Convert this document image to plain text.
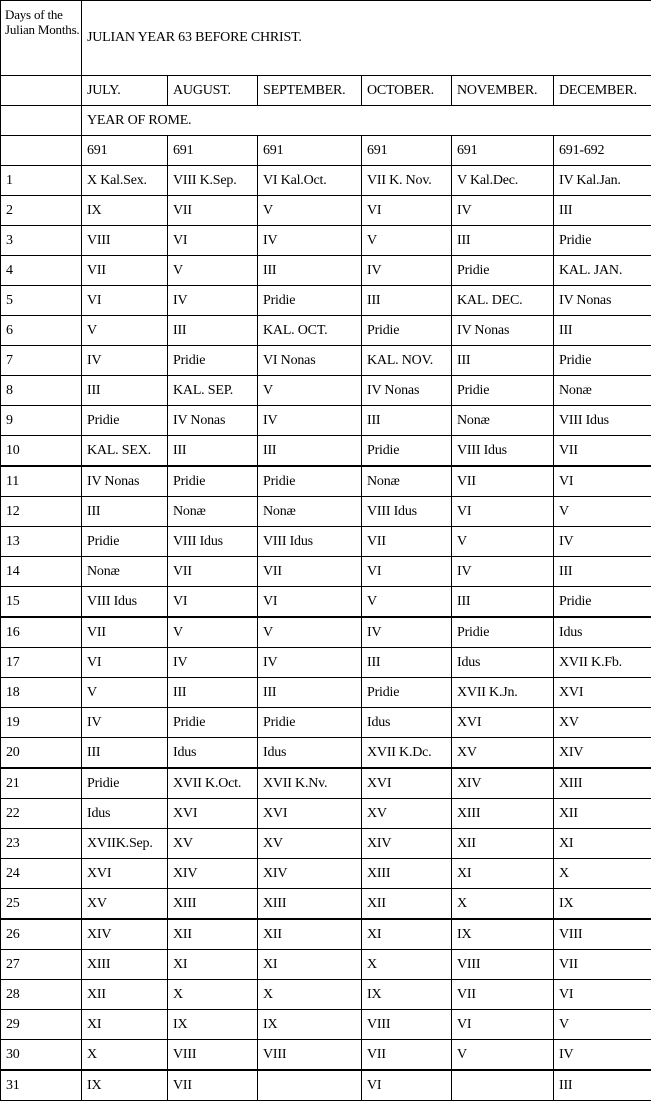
Days of the Julian Months.	JULIAN YEAR 63 BEFORE CHRIST.					
	JULY.	AUGUST.	SEPTEMBER.	OCTOBER.	NOVEMBER.	DECEMBER.
	YEAR OF ROME.					
	691	691	691	691	691	691-692
1	X Kal.Sex.	VIII K.Sep.	VI Kal.Oct.	VII K. Nov.	V Kal.Dec.	IV Kal.Jan.
2	IX	VII	V	VI	IV	III
3	VIII	VI	IV	V	III	Pridie
4	VII	V	III	IV	Pridie	KAL. JAN.
5	VI	IV	Pridie	III	KAL. DEC.	IV Nonas
6	V	III	KAL. OCT.	Pridie	IV Nonas	III
7	IV	Pridie	VI Nonas	KAL. NOV.	III	Pridie
8	III	KAL. SEP.	V	IV Nonas	Pridie	Nonæ
9	Pridie	IV Nonas	IV	III	Nonæ	VIII Idus
10	KAL. SEX.	III	III	Pridie	VIII Idus	VII
11	IV Nonas	Pridie	Pridie	Nonæ	VII	VI
12	III	Nonæ	Nonæ	VIII Idus	VI	V
13	Pridie	VIII Idus	VIII Idus	VII	V	IV
14	Nonæ	VII	VII	VI	IV	III
15	VIII Idus	VI	VI	V	III	Pridie
16	VII	V	V	IV	Pridie	Idus
17	VI	IV	IV	III	Idus	XVII K.Fb.
18	V	III	III	Pridie	XVII K.Jn.	XVI
19	IV	Pridie	Pridie	Idus	XVI	XV
20	III	Idus	Idus	XVII K.Dc.	XV	XIV
21	Pridie	XVII K.Oct.	XVII K.Nv.	XVI	XIV	XIII
22	Idus	XVI	XVI	XV	XIII	XII
23	XVIIK.Sep.	XV	XV	XIV	XII	XI
24	XVI	XIV	XIV	XIII	XI	X
25	XV	XIII	XIII	XII	X	IX
26	XIV	XII	XII	XI	IX	VIII
27	XIII	XI	XI	X	VIII	VII
28	XII	X	X	IX	VII	VI
29	XI	IX	IX	VIII	VI	V
30	X	VIII	VIII	VII	V	IV
31	IX	VII		VI		III
